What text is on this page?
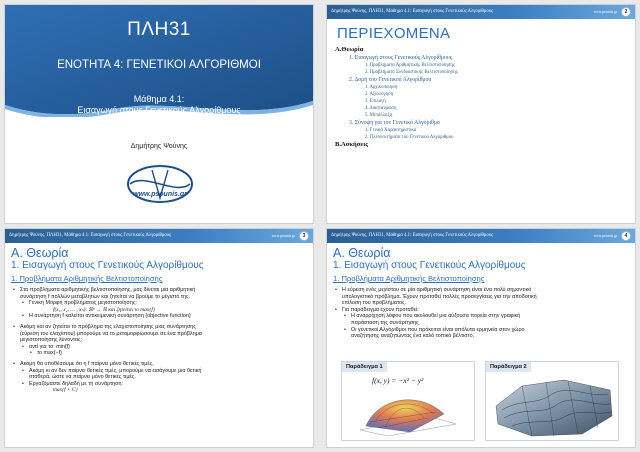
ΠΛΗ31
ΕΝΟΤΗΤΑ 4: ΓΕΝΕΤΙΚΟΙ ΑΛΓΟΡΙΘΜΟΙ
Μάθημα 4.1:
Εισαγωγή στους Γενετικούς Αλγορίθμους
Δημήτρης Ψούνης
www.psounis.gr
Δημήτρης Ψούνης, ΠΛΗ31, Μάθημα 4.1: Εισαγωγή στους Γενετικούς Αλγορίθμους	www.psounis.gr	2
ΠΕΡΙΕΧΟΜΕΝΑ
Α.Θεωρία
1. Εισαγωγή στους Γενετικούς Αλγορίθμους
1. Προβλήματα Αριθμητικής Βελτιστοποίησης
2. Προβλήματα Συνδυαστικής Βελτιστοποίησης
2. Δομή του Γενετικού Αλγορίθμου
1. Αρχικοποίηση
2. Αξιολόγηση
3. Επιλογή
4. Διασταύρωση
5. Μετάλλαξη
3. Σύνοψη για τον Γενετικό Αλγόριθμο
1. Γενικά Χαρακτηριστικά
2. Πλεονεκτήματα του Γενετικού Αλγόριθμου
Β.Ασκήσεις
Δημήτρης Ψούνης, ΠΛΗ31, Μάθημα 4.1: Εισαγωγή στους Γενετικούς Αλγορίθμους	www.psounis.gr	3
Α. Θεωρία
1. Εισαγωγή στους Γενετικούς Αλγορίθμους
1. Προβλήματα Αριθμητικής Βελτιστοποίησης
• Στα προβλήματα αριθμητικής βελτιστοποίησης, μας δίνεται μια αριθμητική
συνάρτηση f πολλών μεταβλητών και ζητείται να βρούμε το μέγιστό της.
• Γενική Μορφή προβλήματος μεγιστοποίησης:
f(x₁, x₂, … , xₙ): ℝⁿ → ℝ και ζητείται το max{f}
• H συνάρτηση f καλείται αντικειμενική συνάρτηση (objective function)
• Ακόμη και αν ζητείται το πρόβλημα της ελαχιστοποίησης μιας συνάρτησης
(εύρεση του ελαχίστου) μπορούμε να το μεταμορφώσουμε σε ένα πρόβλημα
μεγιστοποίησης λύνοντας:
• αντί για το: min{f}
• το max{−f}
• Ακόμη θα υποθέσουμε ότι η f παίρνει μόνο θετικές τιμές.
• Ακόμη κι αν δεν παίρνει θετικές τιμές, μπορούμε να εισάγουμε μια θετική
σταθερά, ώστε να παίρνει μόνο θετικές τιμές.
• Εργαζόμαστε δηλαδή με τη συνάρτηση:
max{f + C}
Δημήτρης Ψούνης, ΠΛΗ31, Μάθημα 4.1: Εισαγωγή στους Γενετικούς Αλγορίθμους	www.psounis.gr	4
Α. Θεωρία
1. Εισαγωγή στους Γενετικούς Αλγορίθμους
1. Προβλήματα Αριθμητικής Βελτιστοποίησης
• Η εύρεση ενός μεγίστου σε μία αριθμητική συνάρτηση είναι ένα πολύ σημαντικό
υπολογιστικό πρόβλημα. Έχουν προταθεί πολλές προσεγγίσεις για την αποδοτική
επίλυση του προβλήματος.
• Για παράδειγμα έχουν προταθεί:
• Η αναρρίχηση λόφου που ακολουθεί μια αύξουσα πορεία στην γραφική
παράσταση της συνάρτησης
• Οι γενετικοί Αλγόριθμοι που πρόκειται είναι απόλυτα ερμηνεία στον χώρο
αναζήτησης αναζητώντας ένα καλό τοπικό βέλτιστο.
Παράδειγμα 1
f(x, y) = −x² − y²
Παράδειγμα 2
